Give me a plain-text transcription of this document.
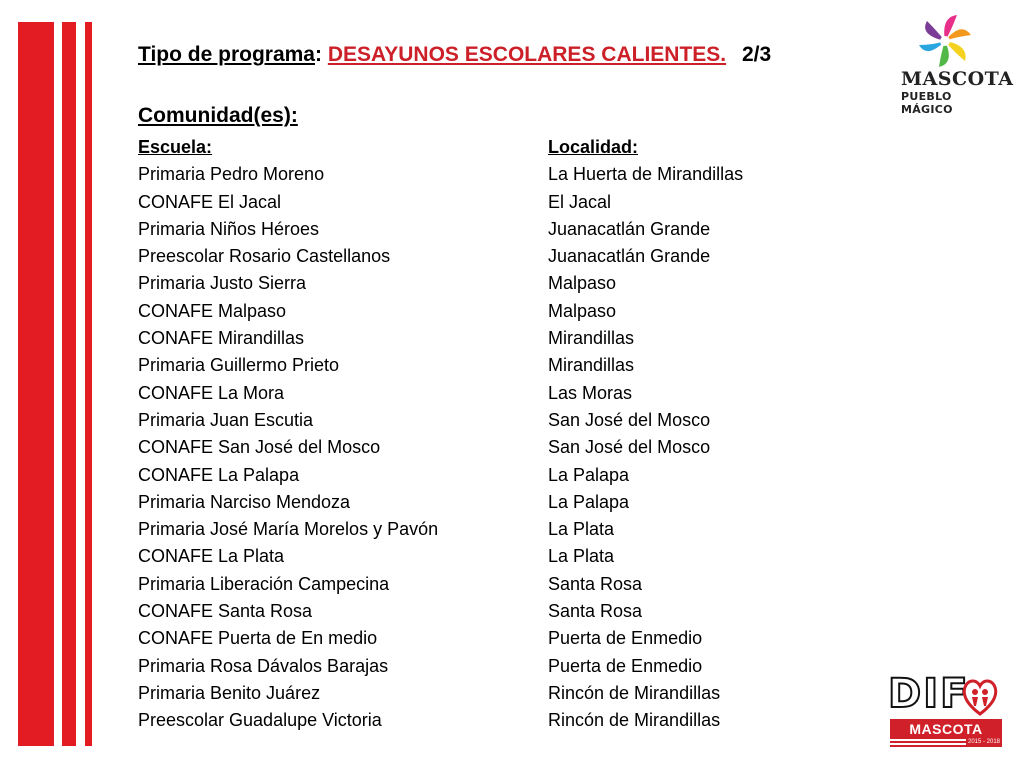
Tipo de programa: DESAYUNOS ESCOLARES CALIENTES. 2/3
Comunidad(es):
Escuela:	Localidad:
Primaria Pedro Moreno	La Huerta de Mirandillas
CONAFE El Jacal	El Jacal
Primaria Niños Héroes	Juanacatlán Grande
Preescolar Rosario Castellanos	Juanacatlán Grande
Primaria Justo Sierra	Malpaso
CONAFE Malpaso	Malpaso
CONAFE Mirandillas	Mirandillas
Primaria Guillermo Prieto	Mirandillas
CONAFE La Mora	Las Moras
Primaria Juan Escutia	San José del Mosco
CONAFE San José del Mosco	San José del Mosco
CONAFE La Palapa	La Palapa
Primaria Narciso Mendoza	La Palapa
Primaria José María Morelos y Pavón	La Plata
CONAFE La Plata	La Plata
Primaria Liberación Campecina	Santa Rosa
CONAFE Santa Rosa	Santa Rosa
CONAFE Puerta de En medio	Puerta de Enmedio
Primaria Rosa Dávalos Barajas	Puerta de Enmedio
Primaria Benito Juárez	Rincón de Mirandillas
Preescolar Guadalupe Victoria	Rincón de Mirandillas
MASCOTA
PUEBLO MÁGICO
DIF
MASCOTA
2015 - 2018
